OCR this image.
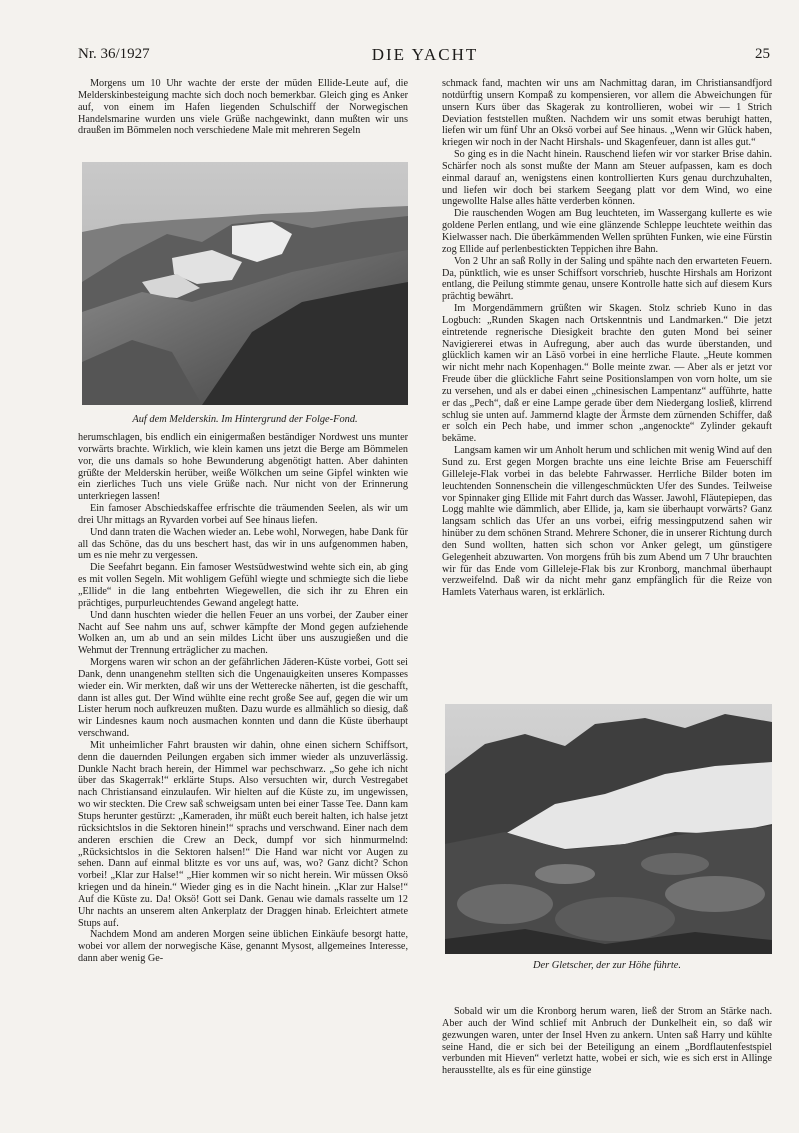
Nr. 36/1927	DIE YACHT	25

Morgens um 10 Uhr wachte der erste der müden Ellide-Leute auf, die Melderskinbesteigung machte sich doch noch bemerkbar. Gleich ging es Anker auf, von einem im Hafen liegenden Schulschiff der Norwegischen Handelsmarine wurden uns viele Grüße nachgewinkt, dann mußten wir uns draußen im Bömmelen noch verschiedene Male mit mehreren Segeln

Auf dem Melderskin. Im Hintergrund der Folge-Fond.

herumschlagen, bis endlich ein einigermaßen beständiger Nordwest uns munter vorwärts brachte. Wirklich, wie klein kamen uns jetzt die Berge am Bömmelen vor, die uns damals so hohe Bewunderung abgenötigt hatten. Aber dahinten grüßte der Melderskin herüber, weiße Wölkchen um seine Gipfel winkten wie ein zierliches Tuch uns viele Grüße nach. Nur nicht von der Erinnerung unterkriegen lassen!

Ein famoser Abschiedskaffee erfrischte die träumenden Seelen, als wir um drei Uhr mittags an Ryvarden vorbei auf See hinaus liefen.

Und dann traten die Wachen wieder an. Lebe wohl, Norwegen, habe Dank für all das Schöne, das du uns beschert hast, das wir in uns aufgenommen haben, um es nie mehr zu vergessen.

Die Seefahrt begann. Ein famoser Westsüdwestwind wehte sich ein, ab ging es mit vollen Segeln. Mit wohligem Gefühl wiegte und schmiegte sich die liebe „Ellide“ in die lang entbehrten Wiegewellen, die sich ihr zu Ehren ein prächtiges, purpurleuchtendes Gewand angelegt hatte.

Und dann huschten wieder die hellen Feuer an uns vorbei, der Zauber einer Nacht auf See nahm uns auf, schwer kämpfte der Mond gegen aufziehende Wolken an, um ab und an sein mildes Licht über uns auszugießen und die Wehmut der Trennung erträglicher zu machen.

Morgens waren wir schon an der gefährlichen Jäderen-Küste vorbei, Gott sei Dank, denn unangenehm stellten sich die Ungenauigkeiten unseres Kompasses wieder ein. Wir merkten, daß wir uns der Wetterecke näherten, ist die geschafft, dann ist alles gut. Der Wind wühlte eine recht große See auf, gegen die wir um Lister herum noch aufkreuzen mußten. Dazu wurde es allmählich so diesig, daß wir Lindesnes kaum noch ausmachen konnten und dann die Küste überhaupt verschwand.

Mit unheimlicher Fahrt brausten wir dahin, ohne einen sichern Schiffsort, denn die dauernden Peilungen ergaben sich immer wieder als unzuverlässig. Dunkle Nacht brach herein, der Himmel war pechschwarz. „So gehe ich nicht über das Skagerrak!“ erklärte Stups. Also versuchten wir, durch Vestregabet nach Christiansand einzulaufen. Wir hielten auf die Küste zu, im ungewissen, wo wir steckten. Die Crew saß schweigsam unten bei einer Tasse Tee. Dann kam Stups herunter gestürzt: „Kameraden, ihr müßt euch bereit halten, ich halse jetzt rücksichtslos in die Sektoren hinein!“ sprachs und verschwand. Einer nach dem anderen erschien die Crew an Deck, dumpf vor sich hinmurmelnd: „Rücksichtslos in die Sektoren halsen!“ Die Hand war nicht vor Augen zu sehen. Dann auf einmal blitzte es vor uns auf, was, wo? Ganz dicht? Schon vorbei! „Klar zur Halse!“ „Hier kommen wir so nicht herein. Wir müssen Oksö kriegen und da hinein.“ Wieder ging es in die Nacht hinein. „Klar zur Halse!“ Auf die Küste zu. Da! Oksö! Gott sei Dank. Genau wie damals rasselte um 12 Uhr nachts an unserem alten Ankerplatz der Draggen hinab. Erleichtert atmete Stups auf.

Nachdem Mond am anderen Morgen seine üblichen Einkäufe besorgt hatte, wobei vor allem der norwegische Käse, genannt Mysost, allgemeines Interesse, dann aber wenig Ge-

schmack fand, machten wir uns am Nachmittag daran, im Christiansandfjord notdürftig unsern Kompaß zu kompensieren, vor allem die Abweichungen für unsern Kurs über das Skagerak zu kontrollieren, wobei wir — 1 Strich Deviation feststellen mußten. Nachdem wir uns somit etwas beruhigt hatten, liefen wir um fünf Uhr an Oksö vorbei auf See hinaus. „Wenn wir Glück haben, kriegen wir noch in der Nacht Hirshals- und Skagenfeuer, dann ist alles gut.“

So ging es in die Nacht hinein. Rauschend liefen wir vor starker Brise dahin. Schärfer noch als sonst mußte der Mann am Steuer aufpassen, kam es doch einmal darauf an, wenigstens einen kontrollierten Kurs genau durchzuhalten, und liefen wir doch bei starkem Seegang platt vor dem Wind, wo eine ungewollte Halse alles hätte verderben können.

Die rauschenden Wogen am Bug leuchteten, im Wassergang kullerte es wie goldene Perlen entlang, und wie eine glänzende Schleppe leuchtete weithin das Kielwasser nach. Die überkämmenden Wellen sprühten Funken, wie eine Fürstin zog Ellide auf perlenbestickten Teppichen ihre Bahn.

Von 2 Uhr an saß Rolly in der Saling und spähte nach den erwarteten Feuern. Da, pünktlich, wie es unser Schiffsort vorschrieb, huschte Hirshals am Horizont entlang, die Peilung stimmte genau, unsere Kontrolle hatte sich auf diesem Kurs prächtig bewährt.

Im Morgendämmern grüßten wir Skagen. Stolz schrieb Kuno in das Logbuch: „Runden Skagen nach Ortskenntnis und Landmarken.“ Die jetzt eintretende regnerische Diesigkeit brachte den guten Mond bei seiner Navigiererei etwas in Aufregung, aber auch das wurde überstanden, und glücklich kamen wir an Läsö vorbei in eine herrliche Flaute. „Heute kommen wir nicht mehr nach Kopenhagen.“ Bolle meinte zwar. — Aber als er jetzt vor Freude über die glückliche Fahrt seine Positionslampen von vorn holte, um sie zu versehen, und als er dabei einen „chinesischen Lampentanz“ aufführte, hatte er das „Pech“, daß er eine Lampe gerade über dem Niedergang losließ, klirrend schlug sie unten auf. Jammernd klagte der Ärmste dem zürnenden Schiffer, daß er solch ein Pech habe, und immer schon „angenockte“ Zylinder gekauft bekäme.

Langsam kamen wir um Anholt herum und schlichen mit wenig Wind auf den Sund zu. Erst gegen Morgen brachte uns eine leichte Brise am Feuerschiff Gilleleje-Flak vorbei in das belebte Fahrwasser. Herrliche Bilder boten im leuchtenden Sonnenschein die villengeschmückten Ufer des Sundes. Teilweise vor Spinnaker ging Ellide mit Fahrt durch das Wasser. Jawohl, Fläutepiepen, das Logg mahlte wie dämmlich, aber Ellide, ja, kam sie überhaupt vorwärts? Ganz langsam schlich das Ufer an uns vorbei, eifrig messingputzend sahen wir hinüber zu dem schönen Strand. Mehrere Schoner, die in unserer Richtung durch den Sund wollten, hatten sich schon vor Anker gelegt, um günstigere Gelegenheit abzuwarten. Von morgens früh bis zum Abend um 7 Uhr brauchten wir für das Ende vom Gilleleje-Flak bis zur Kronborg, manchmal überhaupt verzweifelnd. Daß wir da nicht mehr ganz empfänglich für die Reize von Hamlets Vaterhaus waren, ist erklärlich.

Der Gletscher, der zur Höhe führte.

Sobald wir um die Kronborg herum waren, ließ der Strom an Stärke nach. Aber auch der Wind schlief mit Anbruch der Dunkelheit ein, so daß wir gezwungen waren, unter der Insel Hven zu ankern. Unten saß Harry und kühlte seine Hand, die er sich bei der Beteiligung an einem „Bordflautenfestspiel verbunden mit Hieven“ verletzt hatte, wobei er sich, wie es sich erst in Allinge herausstellte, als es für eine günstige
